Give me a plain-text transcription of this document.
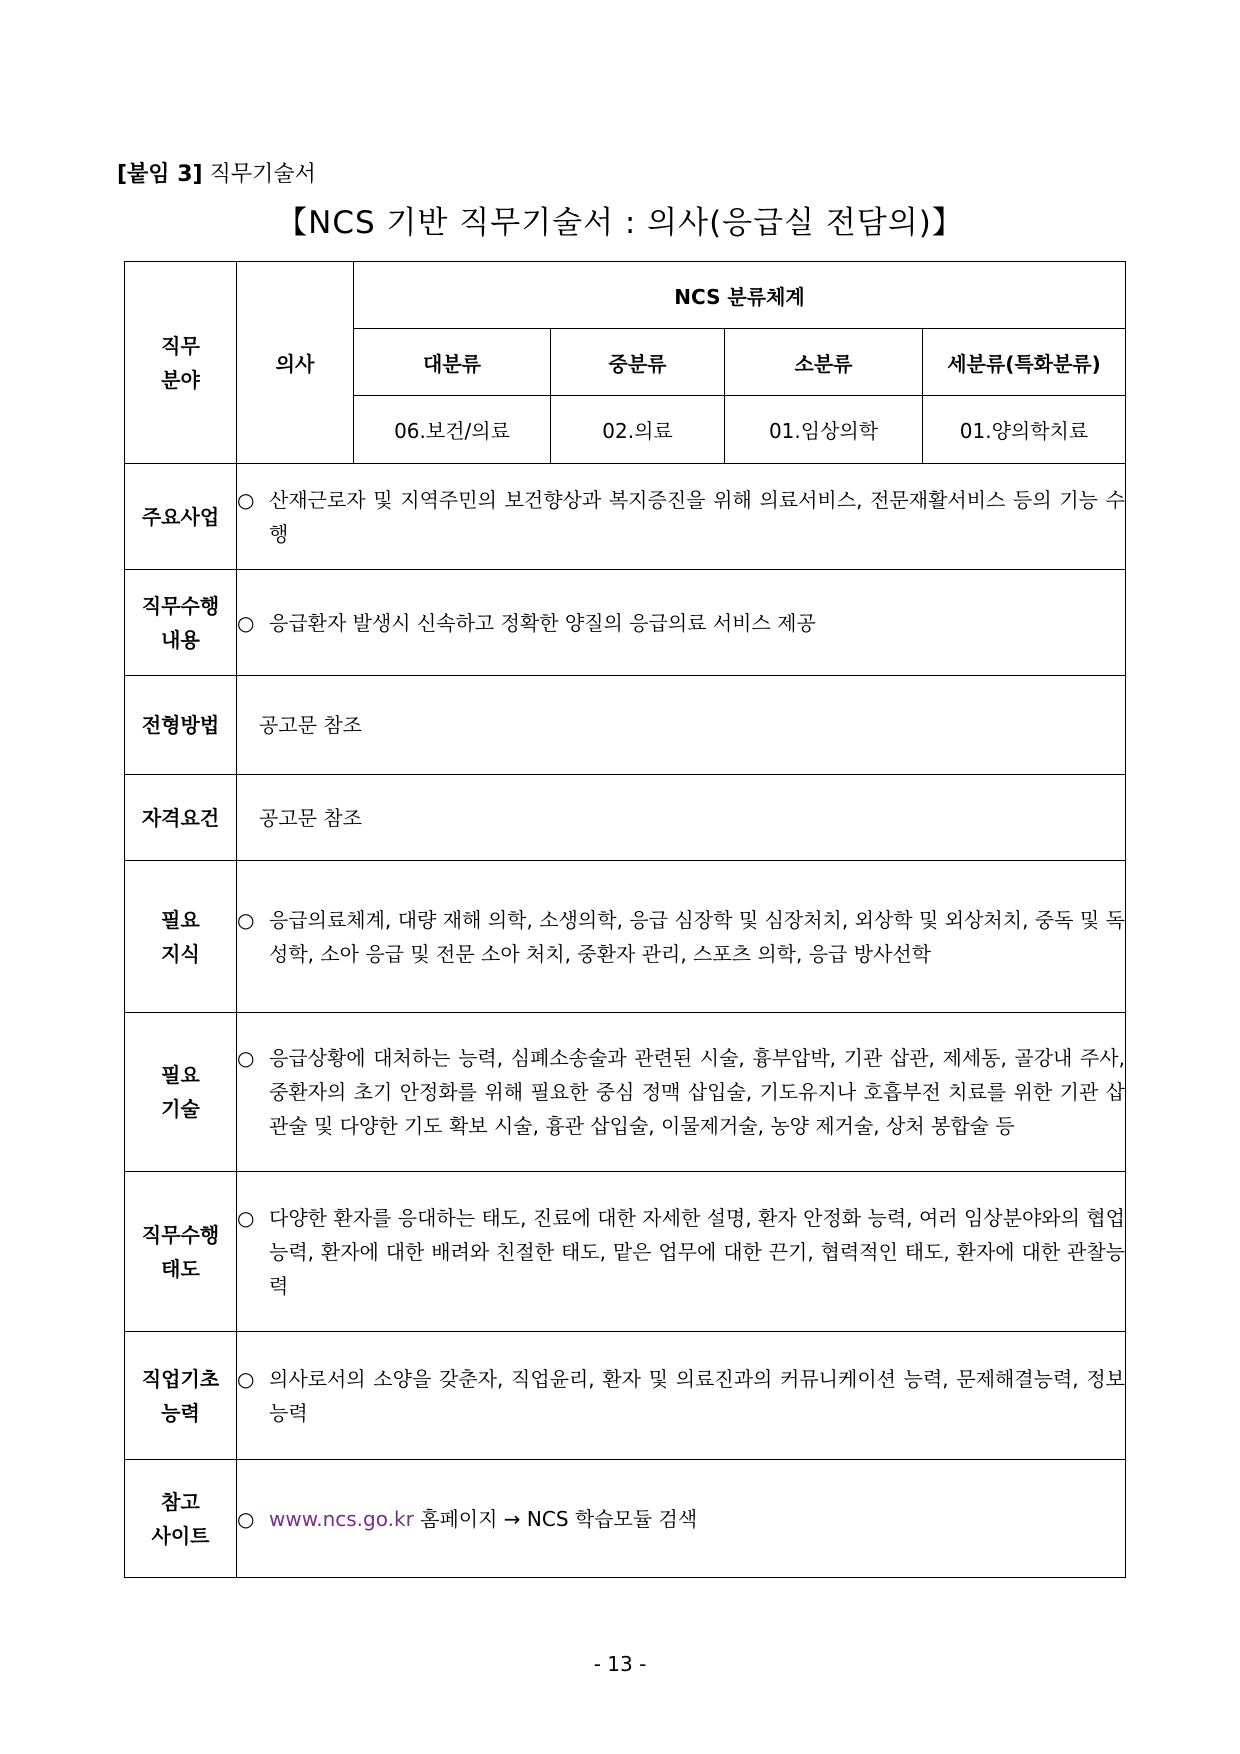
[붙임 3] 직무기술서
【NCS 기반 직무기술서 : 의사(응급실 전담의)】
직무
분야	의사	NCS 분류체계			
		대분류	중분류	소분류	세분류(특화분류)
		06.보건/의료	02.의료	01.임상의학	01.양의학치료
주요사업	○ 산재근로자 및 지역주민의 보건향상과 복지증진을 위해 의료서비스, 전문재활서비스 등의 기능 수행				

직무수행
내용	○ 응급환자 발생시 신속하고 정확한 양질의 응급의료 서비스 제공				

전형방법	공고문 참조				
자격요건	공고문 참조				
필요
지식	○ 응급의료체계, 대량 재해 의학, 소생의학, 응급 심장학 및 심장처치, 외상학 및 외상처치, 중독 및 독성학, 소아 응급 및 전문 소아 처치, 중환자 관리, 스포츠 의학, 응급 방사선학				

필요
기술	○ 응급상황에 대처하는 능력, 심폐소송술과 관련된 시술, 흉부압박, 기관 삽관, 제세동, 골강내 주사, 중환자의 초기 안정화를 위해 필요한 중심 정맥 삽입술, 기도유지나 호흡부전 치료를 위한 기관 삽관술 및 다양한 기도 확보 시술, 흉관 삽입술, 이물제거술, 농양 제거술, 상처 봉합술 등				

직무수행
태도	○ 다양한 환자를 응대하는 태도, 진료에 대한 자세한 설명, 환자 안정화 능력, 여러 임상분야와의 협업 능력, 환자에 대한 배려와 친절한 태도, 맡은 업무에 대한 끈기, 협력적인 태도, 환자에 대한 관찰능력				

직업기초
능력	○ 의사로서의 소양을 갖춘자, 직업윤리, 환자 및 의료진과의 커뮤니케이션 능력, 문제해결능력, 정보능력				

참고
사이트	○ www.ncs.go.kr 홈페이지 → NCS 학습모듈 검색				
- 13 -
